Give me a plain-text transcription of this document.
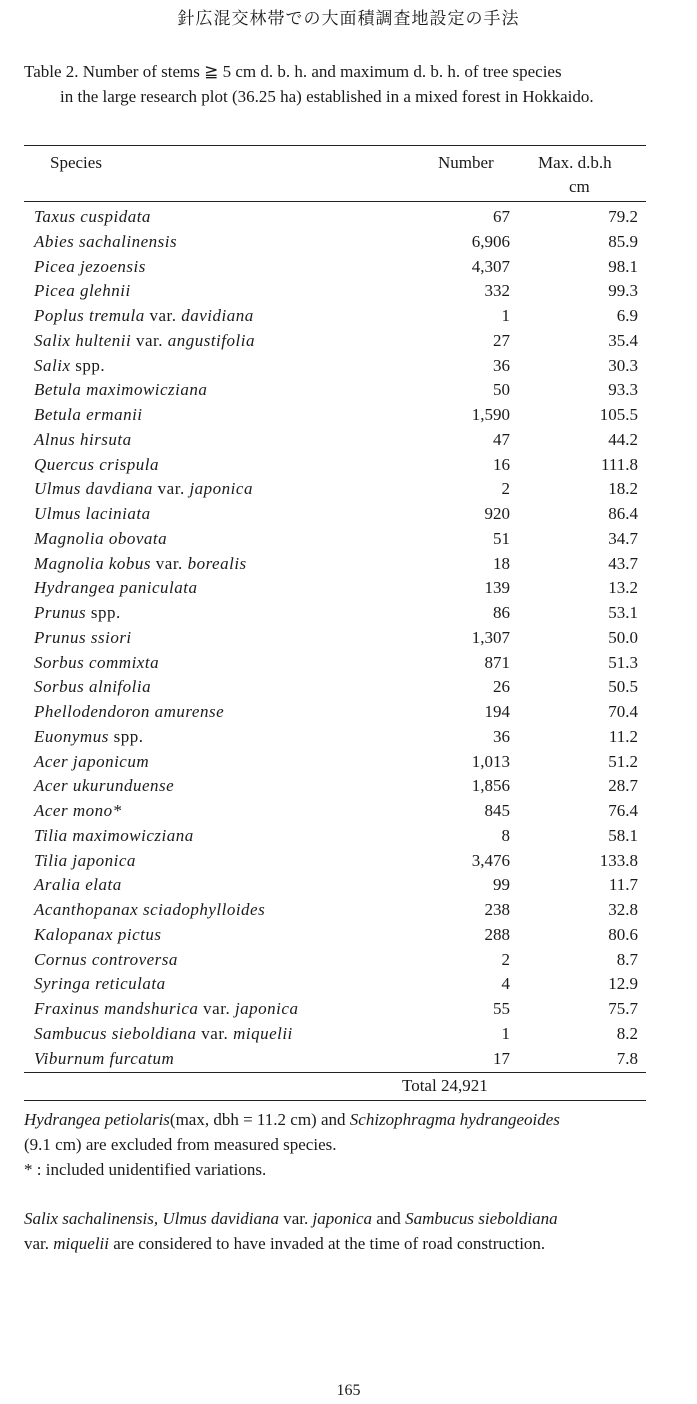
針広混交林帯での大面積調査地設定の手法
Table 2. Number of stems ≧ 5 cm d. b. h. and maximum d. b. h. of tree species

in the large research plot (36.25 ha) established in a mixed forest in Hokkaido.
Species	Number	Max. d.b.h
cm
Taxus cuspidata	67	79.2
Abies sachalinensis	6,906	85.9
Picea jezoensis	4,307	98.1
Picea glehnii	332	99.3
Poplus tremula var. davidiana	1	6.9
Salix hultenii var. angustifolia	27	35.4
Salix spp.	36	30.3
Betula maximowicziana	50	93.3
Betula ermanii	1,590	105.5
Alnus hirsuta	47	44.2
Quercus crispula	16	111.8
Ulmus davdiana var. japonica	2	18.2
Ulmus laciniata	920	86.4
Magnolia obovata	51	34.7
Magnolia kobus var. borealis	18	43.7
Hydrangea paniculata	139	13.2
Prunus spp.	86	53.1
Prunus ssiori	1,307	50.0
Sorbus commixta	871	51.3
Sorbus alnifolia	26	50.5
Phellodendoron amurense	194	70.4
Euonymus spp.	36	11.2
Acer japonicum	1,013	51.2
Acer ukurunduense	1,856	28.7
Acer mono*	845	76.4
Tilia maximowicziana	8	58.1
Tilia japonica	3,476	133.8
Aralia elata	99	11.7
Acanthopanax sciadophylloides	238	32.8
Kalopanax pictus	288	80.6
Cornus controversa	2	8.7
Syringa reticulata	4	12.9
Fraxinus mandshurica var. japonica	55	75.7
Sambucus sieboldiana var. miquelii	1	8.2
Viburnum furcatum	17	7.8
Total 24,921
Hydrangea petiolaris(max, dbh = 11.2 cm) and Schizophragma hydrangeoides
(9.1 cm) are excluded from measured species.
* : included unidentified variations.
Salix sachalinensis, Ulmus davidiana var. japonica and Sambucus sieboldiana
var. miquelii are considered to have invaded at the time of road construction.
165
